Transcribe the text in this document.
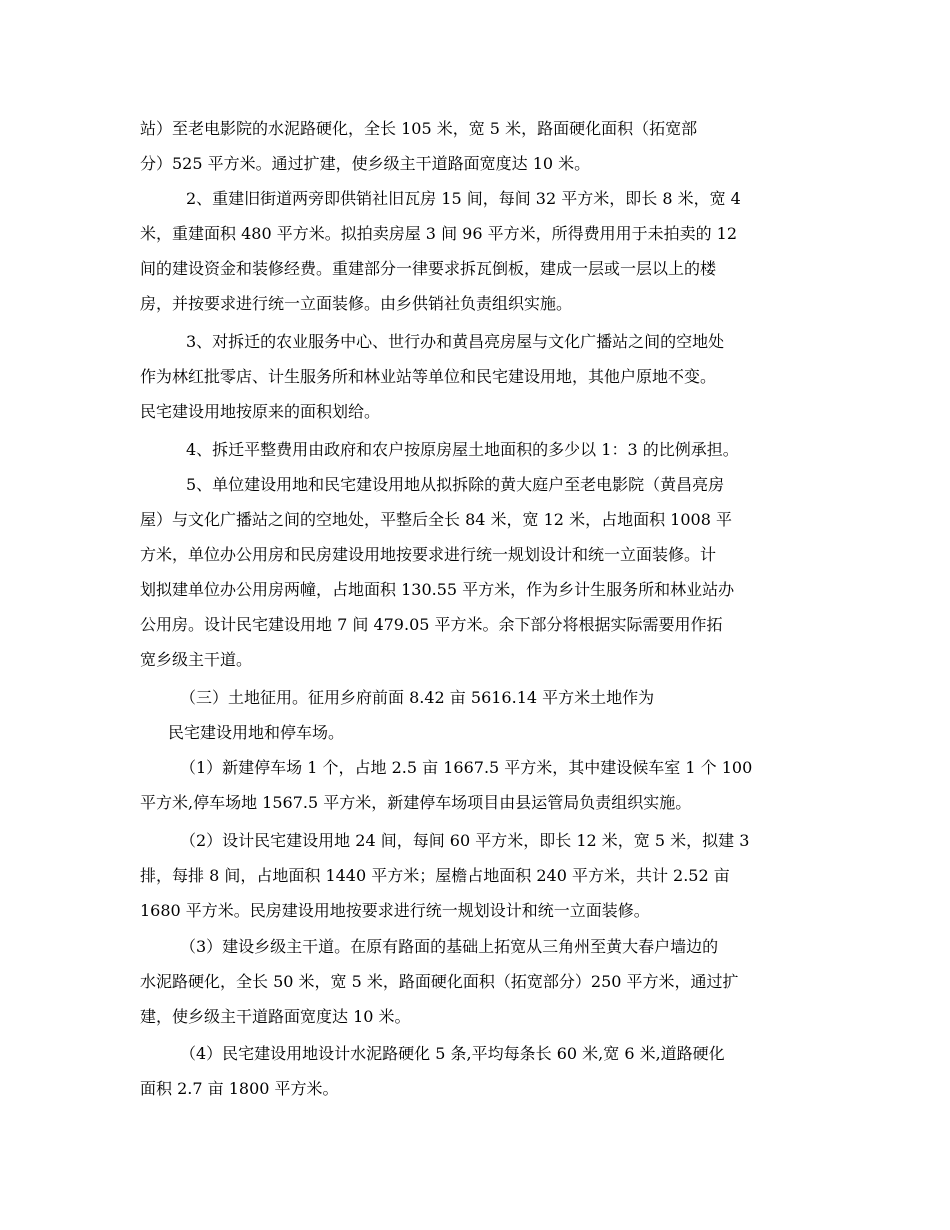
站）至老电影院的水泥路硬化，全长 105 米，宽 5 米，路面硬化面积（拓宽部
分）525 平方米。通过扩建，使乡级主干道路面宽度达 10 米。
2、重建旧街道两旁即供销社旧瓦房 15 间，每间 32 平方米，即长 8 米，宽 4
米，重建面积 480 平方米。拟拍卖房屋 3 间 96 平方米，所得费用用于未拍卖的 12
间的建设资金和装修经费。重建部分一律要求拆瓦倒板，建成一层或一层以上的楼
房，并按要求进行统一立面装修。由乡供销社负责组织实施。
3、对拆迁的农业服务中心、世行办和黄昌亮房屋与文化广播站之间的空地处
作为林红批零店、计生服务所和林业站等单位和民宅建设用地，其他户原地不变。
民宅建设用地按原来的面积划给。
4、拆迁平整费用由政府和农户按原房屋土地面积的多少以 1：3 的比例承担。
5、单位建设用地和民宅建设用地从拟拆除的黄大庭户至老电影院（黄昌亮房
屋）与文化广播站之间的空地处，平整后全长 84 米，宽 12 米，占地面积 1008 平
方米，单位办公用房和民房建设用地按要求进行统一规划设计和统一立面装修。计
划拟建单位办公用房两幢，占地面积 130.55 平方米，作为乡计生服务所和林业站办
公用房。设计民宅建设用地 7 间 479.05 平方米。余下部分将根据实际需要用作拓
宽乡级主干道。
（三）土地征用。征用乡府前面 8.42 亩 5616.14 平方米土地作为
民宅建设用地和停车场。
（1）新建停车场 1 个，占地 2.5 亩 1667.5 平方米，其中建设候车室 1 个 100
平方米,停车场地 1567.5 平方米，新建停车场项目由县运管局负责组织实施。
（2）设计民宅建设用地 24 间，每间 60 平方米，即长 12 米，宽 5 米，拟建 3
排，每排 8 间，占地面积 1440 平方米；屋檐占地面积 240 平方米，共计 2.52 亩
1680 平方米。民房建设用地按要求进行统一规划设计和统一立面装修。
（3）建设乡级主干道。在原有路面的基础上拓宽从三角州至黄大春户墙边的
水泥路硬化，全长 50 米，宽 5 米，路面硬化面积（拓宽部分）250 平方米，通过扩
建，使乡级主干道路面宽度达 10 米。
（4）民宅建设用地设计水泥路硬化 5 条,平均每条长 60 米,宽 6 米,道路硬化
面积 2.7 亩 1800 平方米。
